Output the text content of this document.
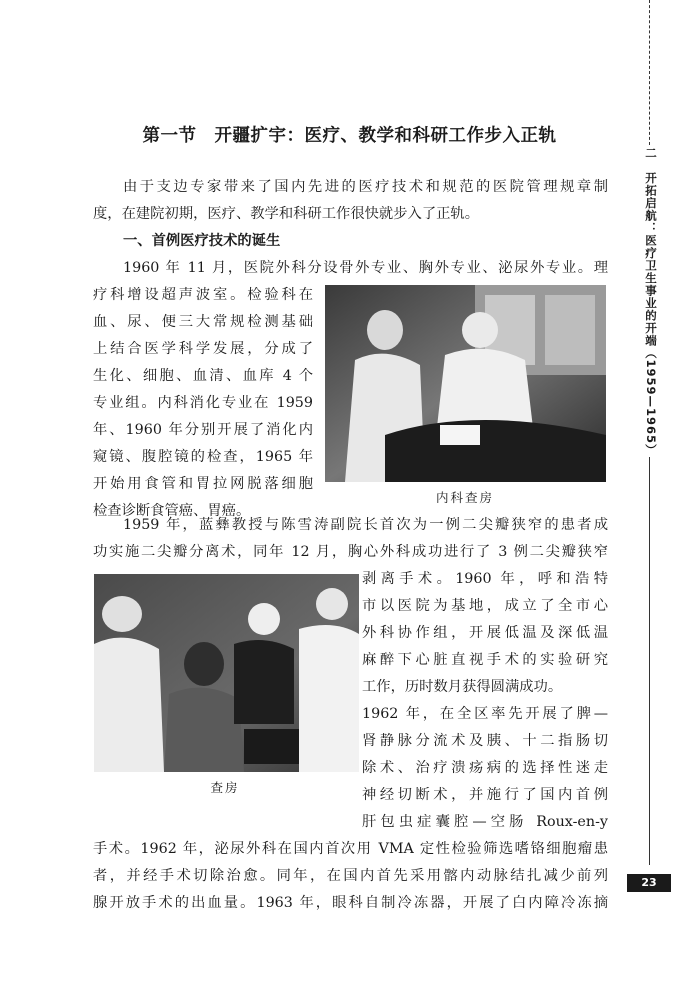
二　开拓启航：医疗卫生事业的开端（1959—1965）
23
第一节　开疆扩宇：医疗、教学和科研工作步入正轨
由于支边专家带来了国内先进的医疗技术和规范的医院管理规章制
度，在建院初期，医疗、教学和科研工作很快就步入了正轨。
一、首例医疗技术的诞生
1960 年 11 月，医院外科分设骨外专业、胸外专业、泌尿外专业。理
疗科增设超声波室。检验科在
血、尿、便三大常规检测基础
上结合医学科学发展，分成了
生化、细胞、血清、血库 4 个
专业组。内科消化专业在 1959
年、1960 年分别开展了消化内
窥镜、腹腔镜的检查，1965 年
开始用食管和胃拉网脱落细胞
检查诊断食管癌、胃癌。
内科查房
1959 年，蓝彝教授与陈雪涛副院长首次为一例二尖瓣狭窄的患者成
功实施二尖瓣分离术，同年 12 月，胸心外科成功进行了 3 例二尖瓣狭窄
查房
剥离手术。1960 年，呼和浩特
市以医院为基地，成立了全市心
外科协作组，开展低温及深低温
麻醉下心脏直视手术的实验研究
工作，历时数月获得圆满成功。
1962 年，在全区率先开展了脾—
肾静脉分流术及胰、十二指肠切
除术、治疗溃疡病的选择性迷走
神经切断术，并施行了国内首例
肝包虫症囊腔—空肠 Roux-en-y
手术。1962 年，泌尿外科在国内首次用 VMA 定性检验筛选嗜铬细胞瘤患
者，并经手术切除治愈。同年，在国内首先采用髂内动脉结扎减少前列
腺开放手术的出血量。1963 年，眼科自制冷冻器，开展了白内障冷冻摘
